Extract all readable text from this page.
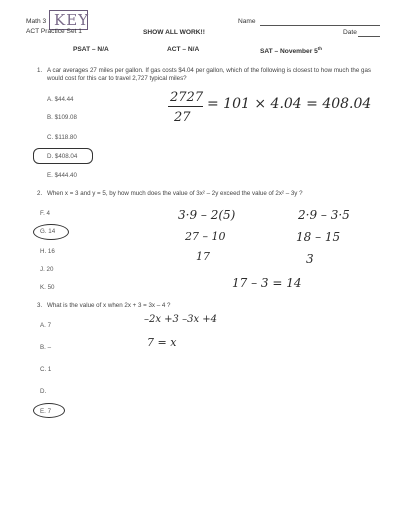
Math 3 KEY
ACT Practice Set 1	SHOW ALL WORK!!
Name
Date
PSAT – N/A	ACT – N/A	SAT – November 5th
1. A car averages 27 miles per gallon. If gas costs $4.04 per gallon, which of the following is closest to how much the gas would cost for this car to travel 2,727 typical miles?
A. $44.44
B. $109.08
C. $118.80
D. $408.04
E. $444.40
2727
27
= 101 × 4.04 = 408.04
2. When x = 3 and y = 5, by how much does the value of 3x² – 2y exceed the value of 2x² – 3y ?
F. 4
G. 14
H. 16
J. 20
K. 50
3·9 – 2(5)
27 – 10
17
17 – 3 = 14
2·9 – 3·5
18 – 15
3
3. What is the value of x when 2x + 3 = 3x – 4 ?
A. 7
B. –
C. 1
D.
E. 7
–2x +3 –3x +4
7 = x
